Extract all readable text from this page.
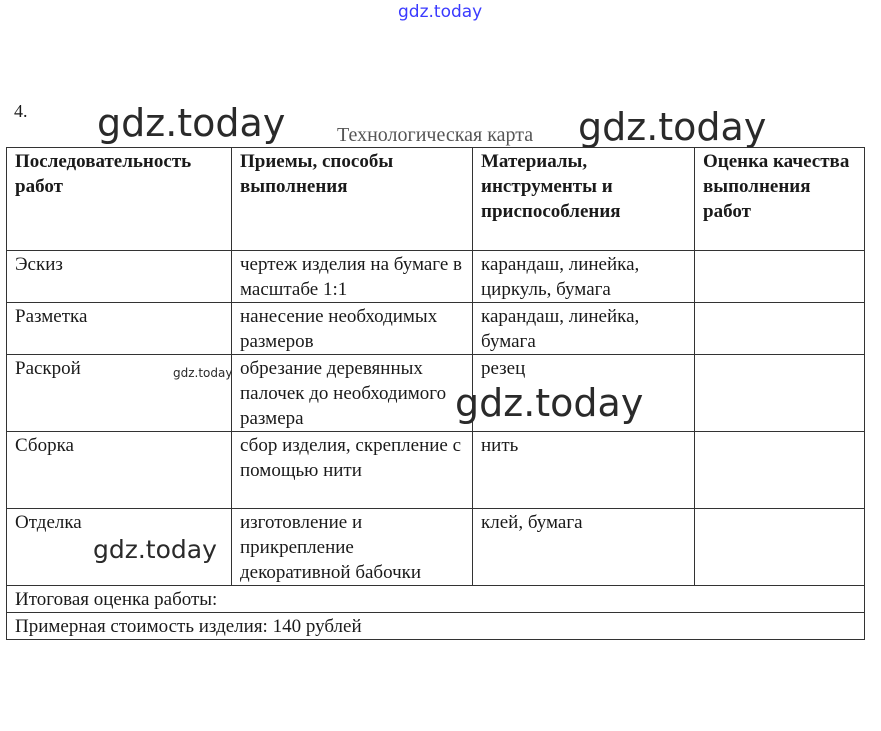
gdz.today
gdz.today	gdz.today
gdz.today
gdz.today
gdz.today
4.
Технологическая карта
Последовательность работ	Приемы, способы выполнения	Материалы, инструменты и приспособления	Оценка качества выполнения работ
Эскиз	чертеж изделия на бумаге в масштабе 1:1	карандаш, линейка, циркуль, бумага	
Разметка	нанесение необходимых размеров	карандаш, линейка, бумага	
Раскрой	обрезание деревянных палочек до необходимого размера	резец	
Сборка	сбор изделия, скрепление с помощью нити	нить	
Отделка	изготовление и прикрепление декоративной бабочки	клей, бумага	
Итоговая оценка работы:			
Примерная стоимость изделия: 140 рублей			
